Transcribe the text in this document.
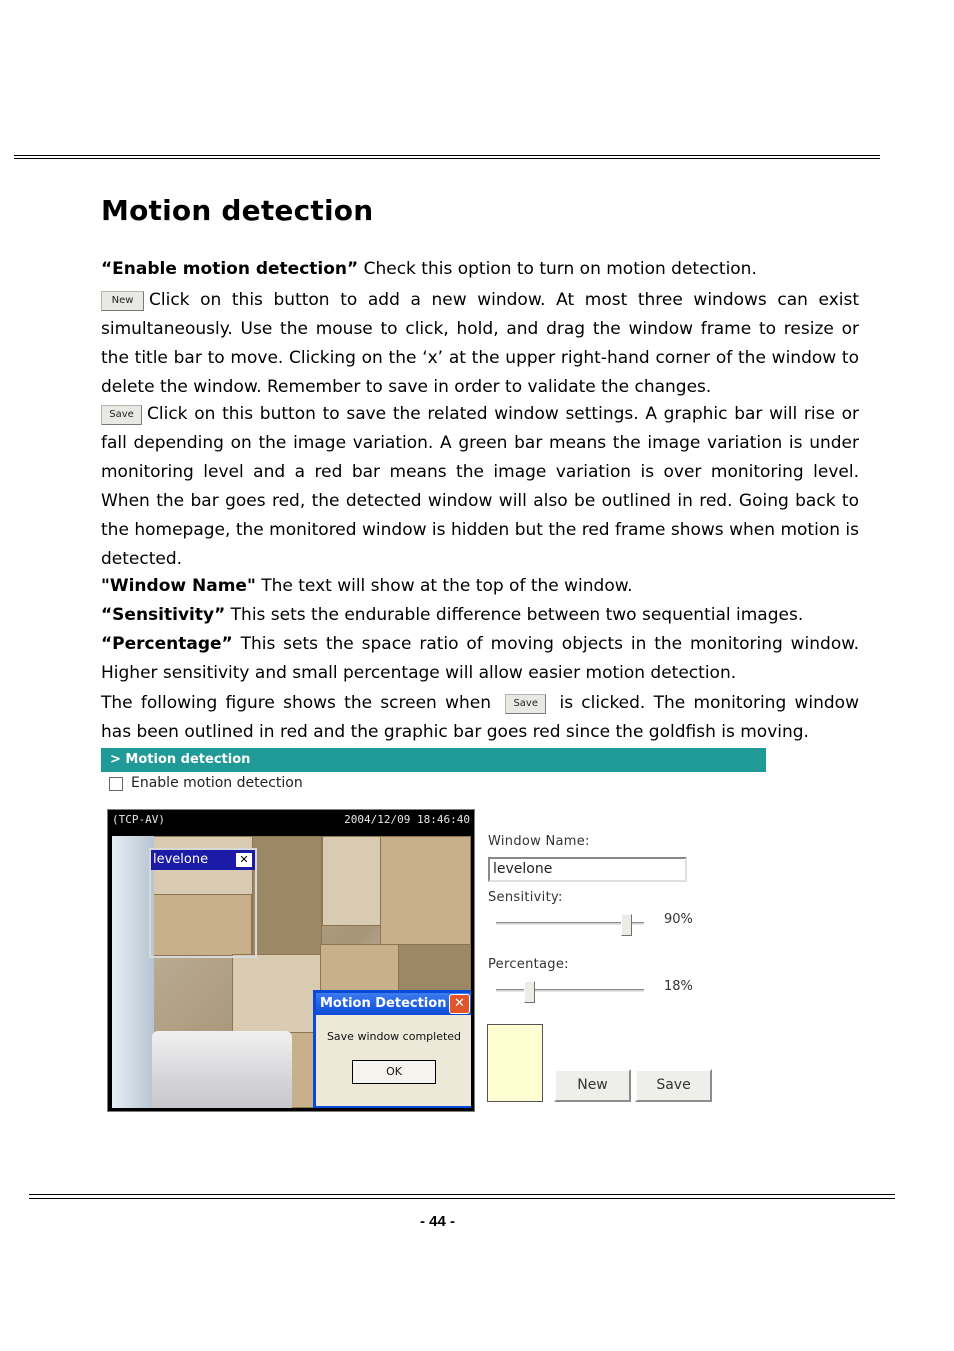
Motion detection

“Enable motion detection” Check this option to turn on motion detection.

New Click on this button to add a new window. At most three windows can exist simultaneously. Use the mouse to click, hold, and drag the window frame to resize or the title bar to move. Clicking on the ‘x’ at the upper right-hand corner of the window to delete the window. Remember to save in order to validate the changes.

Save Click on this button to save the related window settings. A graphic bar will rise or fall depending on the image variation. A green bar means the image variation is under monitoring level and a red bar means the image variation is over monitoring level. When the bar goes red, the detected window will also be outlined in red. Going back to the homepage, the monitored window is hidden but the red frame shows when motion is detected.

"Window Name" The text will show at the top of the window.

“Sensitivity” This sets the endurable difference between two sequential images.

“Percentage” This sets the space ratio of moving objects in the monitoring window. Higher sensitivity and small percentage will allow easier motion detection.

The following figure shows the screen when Save is clicked. The monitoring window has been outlined in red and the graphic bar goes red since the goldfish is moving.

> Motion detection
Enable motion detection
(TCP-AV)	2004/12/09 18:46:40
levelone	✕
Motion Detection ✕
Save window completed
OK
Window Name:
levelone
Sensitivity:
90%
Percentage:
18%
New	Save
- 44 -
